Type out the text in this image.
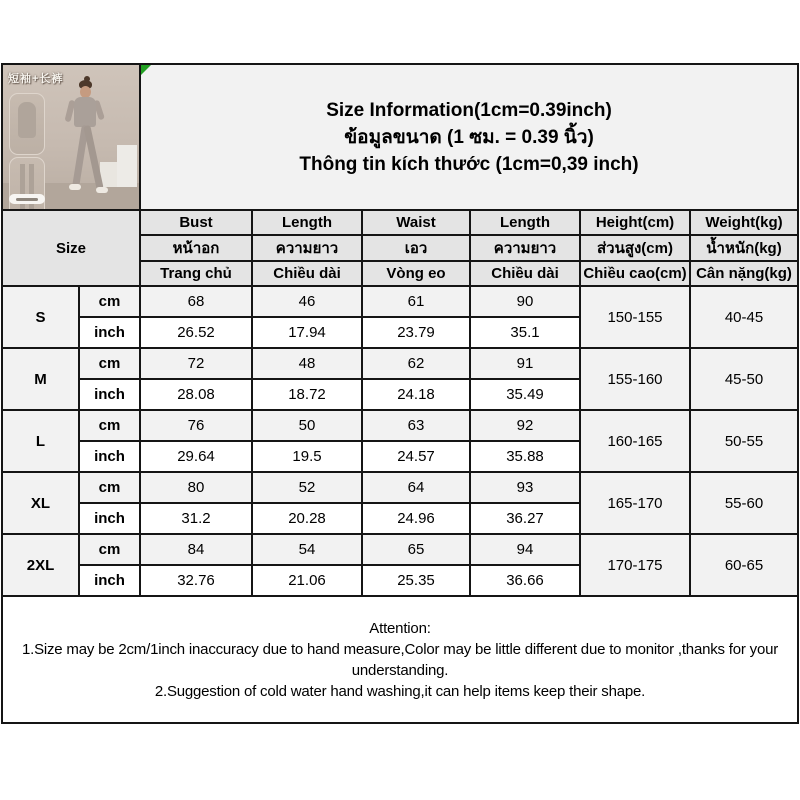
短袖+长裤		Size Information(1cm=0.39inch)
ข้อมูลขนาด (1 ซม. = 0.39 นิ้ว)
Thông tin kích thước (1cm=0,39 inch)					

Size		Bust	Length	Waist	Length	Height(cm)	Weight(kg)
		หน้าอก	ความยาว	เอว	ความยาว	ส่วนสูง(cm)	น้ำหนัก(kg)
		Trang chủ	Chiều dài	Vòng eo	Chiều dài	Chiều cao(cm)	Cân nặng(kg)
S	cm	68	46	61	90	150-155	40-45
	inch	26.52	17.94	23.79	35.1		
M	cm	72	48	62	91	155-160	45-50
	inch	28.08	18.72	24.18	35.49		
L	cm	76	50	63	92	160-165	50-55
	inch	29.64	19.5	24.57	35.88		
XL	cm	80	52	64	93	165-170	55-60
	inch	31.2	20.28	24.96	36.27		
2XL	cm	84	54	65	94	170-175	60-65
	inch	32.76	21.06	25.35	36.66		

Attention:
1.Size may be 2cm/1inch inaccuracy due to hand measure,Color may be little different due to monitor ,thanks for your understanding.
2.Suggestion of cold water hand washing,it can help items keep their shape.							
